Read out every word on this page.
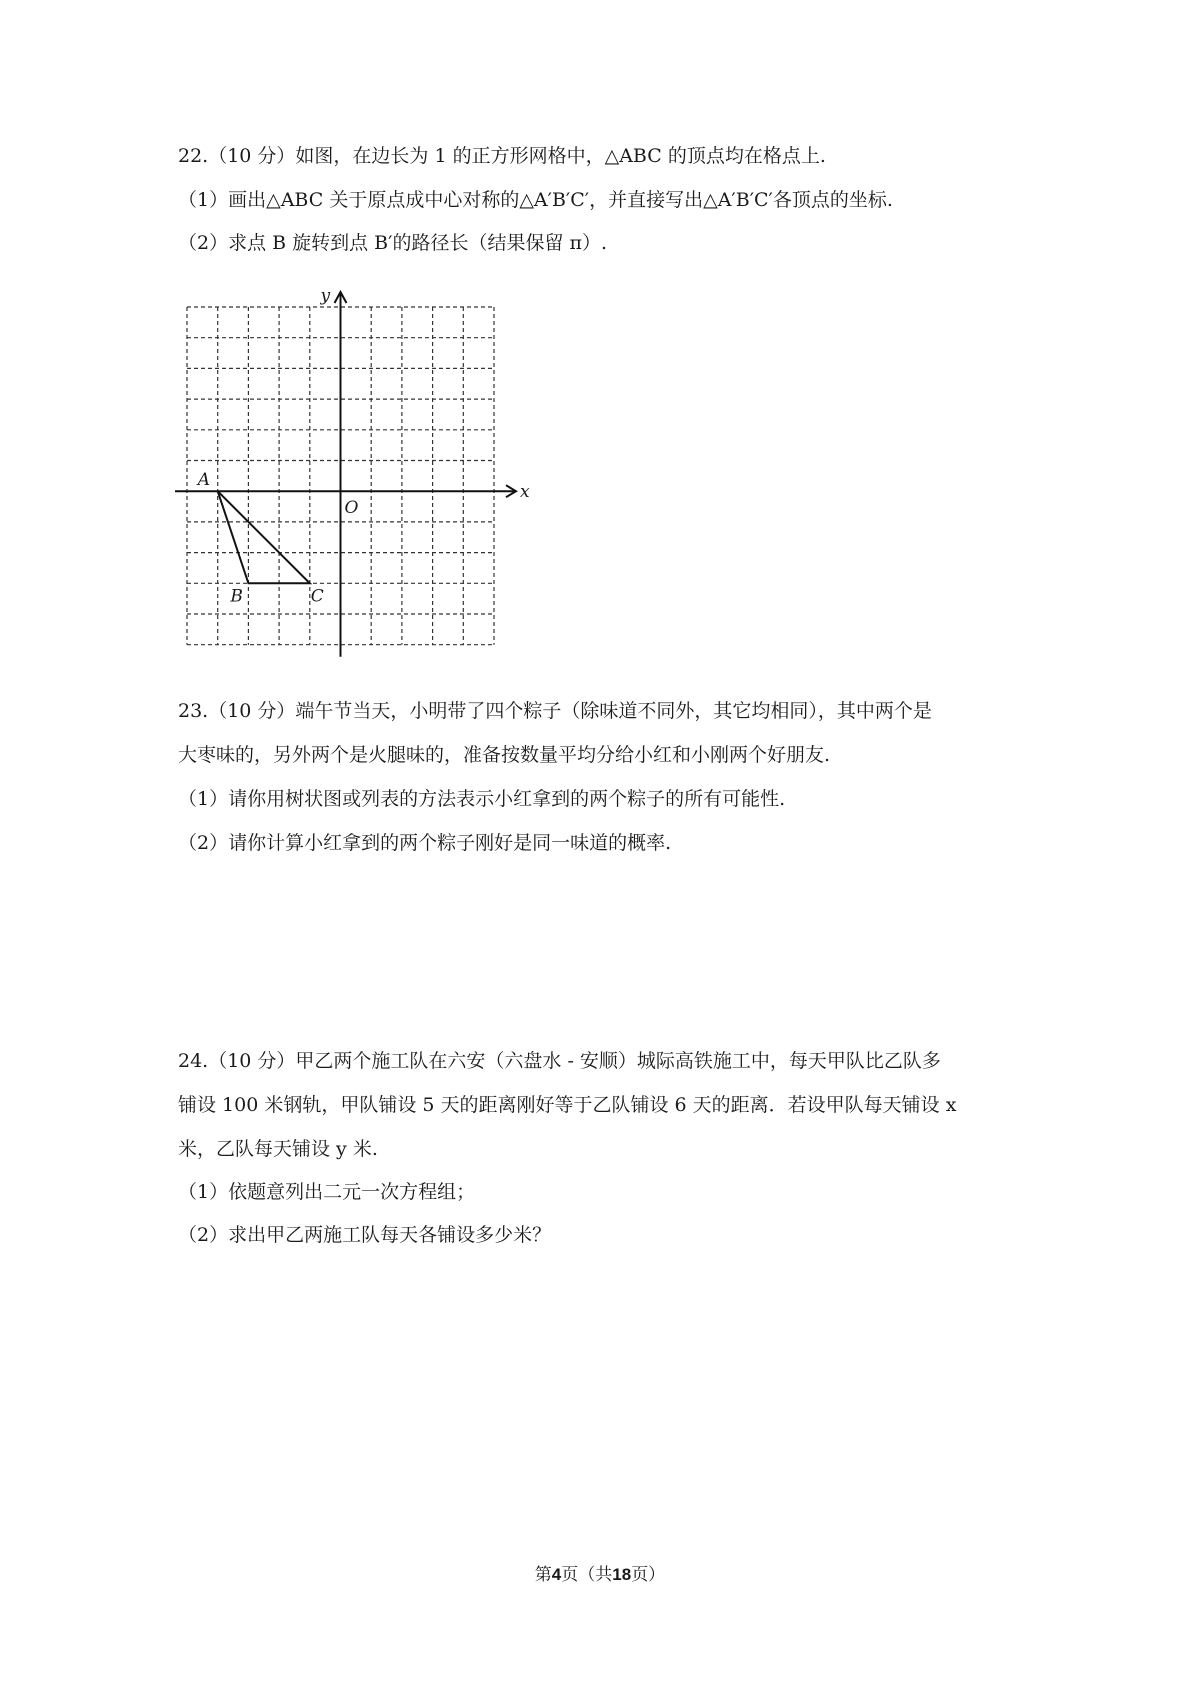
22.（10 分）如图，在边长为 1 的正方形网格中，△ABC 的顶点均在格点上.

（1）画出△ABC 关于原点成中心对称的△A′B′C′，并直接写出△A′B′C′各顶点的坐标.

（2）求点 B 旋转到点 B′的路径长（结果保留 π）.

x
y
O
A
B	C

23.（10 分）端午节当天，小明带了四个粽子（除味道不同外，其它均相同），其中两个是

大枣味的，另外两个是火腿味的，准备按数量平均分给小红和小刚两个好朋友.

（1）请你用树状图或列表的方法表示小红拿到的两个粽子的所有可能性.

（2）请你计算小红拿到的两个粽子刚好是同一味道的概率.

24.（10 分）甲乙两个施工队在六安（六盘水 - 安顺）城际高铁施工中，每天甲队比乙队多

铺设 100 米钢轨，甲队铺设 5 天的距离刚好等于乙队铺设 6 天的距离．若设甲队每天铺设 x

米，乙队每天铺设 y 米.

（1）依题意列出二元一次方程组；

（2）求出甲乙两施工队每天各铺设多少米？

第4页（共18页）
